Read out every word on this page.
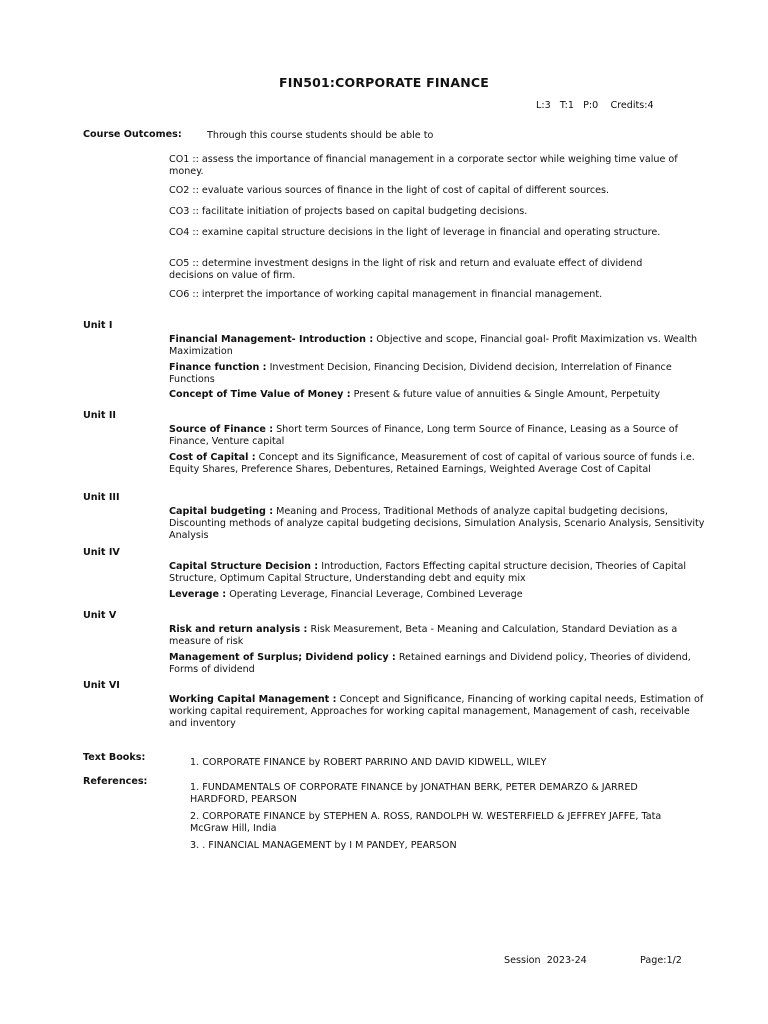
FIN501:CORPORATE FINANCE
L:3   T:1   P:0    Credits:4
Course Outcomes:	Through this course students should be able to
CO1 :: assess the importance of financial management in a corporate sector while weighing time value of money.
CO2 :: evaluate various sources of finance in the light of cost of capital of different sources.
CO3 :: facilitate initiation of projects based on capital budgeting decisions.
CO4 :: examine capital structure decisions in the light of leverage in financial and operating structure.
CO5 :: determine investment designs in the light of risk and return and evaluate effect of dividend decisions on value of firm.
CO6 :: interpret the importance of working capital management in financial management.
Unit I
Financial Management- Introduction : Objective and scope, Financial goal- Profit Maximization vs. Wealth Maximization
Finance function : Investment Decision, Financing Decision, Dividend decision, Interrelation of Finance Functions
Concept of Time Value of Money : Present & future value of annuities & Single Amount, Perpetuity
Unit II
Source of Finance : Short term Sources of Finance, Long term Source of Finance, Leasing as a Source of Finance, Venture capital
Cost of Capital : Concept and its Significance, Measurement of cost of capital of various source of funds i.e. Equity Shares, Preference Shares, Debentures, Retained Earnings, Weighted Average Cost of Capital
Unit III
Capital budgeting : Meaning and Process, Traditional Methods of analyze capital budgeting decisions, Discounting methods of analyze capital budgeting decisions, Simulation Analysis, Scenario Analysis, Sensitivity Analysis
Unit IV
Capital Structure Decision : Introduction, Factors Effecting capital structure decision, Theories of Capital Structure, Optimum Capital Structure, Understanding debt and equity mix
Leverage : Operating Leverage, Financial Leverage, Combined Leverage
Unit V
Risk and return analysis : Risk Measurement, Beta - Meaning and Calculation, Standard Deviation as a measure of risk
Management of Surplus; Dividend policy : Retained earnings and Dividend policy, Theories of dividend, Forms of dividend
Unit VI
Working Capital Management : Concept and Significance, Financing of working capital needs, Estimation of working capital requirement, Approaches for working capital management, Management of cash, receivable and inventory
Text Books:	1. CORPORATE FINANCE by ROBERT PARRINO AND DAVID KIDWELL, WILEY
References:
1. FUNDAMENTALS OF CORPORATE FINANCE by JONATHAN BERK, PETER DEMARZO & JARRED HARDFORD, PEARSON
2. CORPORATE FINANCE by STEPHEN A. ROSS, RANDOLPH W. WESTERFIELD & JEFFREY JAFFE, Tata McGraw Hill, India
3. . FINANCIAL MANAGEMENT by I M PANDEY, PEARSON
Session  2023-24	Page:1/2
